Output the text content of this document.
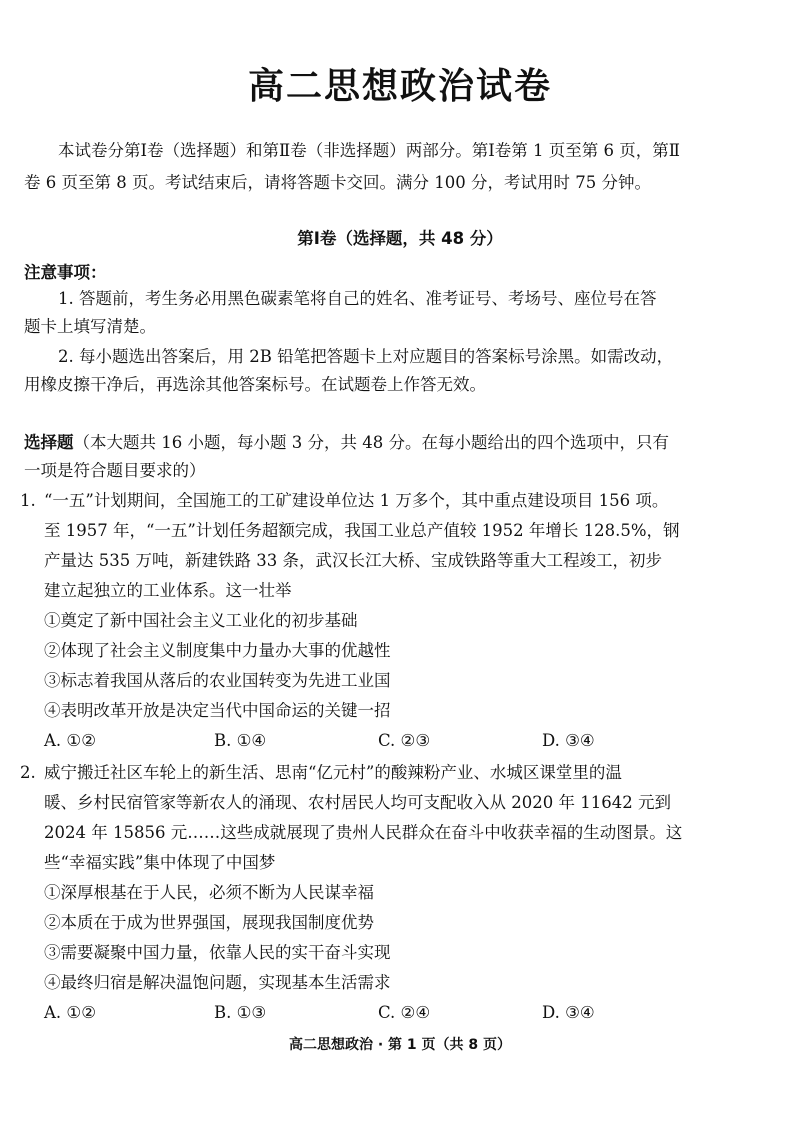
高二思想政治试卷
本试卷分第Ⅰ卷（选择题）和第Ⅱ卷（非选择题）两部分。第Ⅰ卷第 1 页至第 6 页，第Ⅱ
卷 6 页至第 8 页。考试结束后，请将答题卡交回。满分 100 分，考试用时 75 分钟。
第Ⅰ卷（选择题，共 48 分）
注意事项：
1. 答题前，考生务必用黑色碳素笔将自己的姓名、准考证号、考场号、座位号在答
题卡上填写清楚。
2. 每小题选出答案后，用 2B 铅笔把答题卡上对应题目的答案标号涂黑。如需改动，
用橡皮擦干净后，再选涂其他答案标号。在试题卷上作答无效。
选择题（本大题共 16 小题，每小题 3 分，共 48 分。在每小题给出的四个选项中，只有
一项是符合题目要求的）
1. “一五”计划期间，全国施工的工矿建设单位达 1 万多个，其中重点建设项目 156 项。
至 1957 年，“一五”计划任务超额完成，我国工业总产值较 1952 年增长 128.5%，钢
产量达 535 万吨，新建铁路 33 条，武汉长江大桥、宝成铁路等重大工程竣工，初步
建立起独立的工业体系。这一壮举
①奠定了新中国社会主义工业化的初步基础
②体现了社会主义制度集中力量办大事的优越性
③标志着我国从落后的农业国转变为先进工业国
④表明改革开放是决定当代中国命运的关键一招
A. ①②	B. ①④	C. ②③	D. ③④
2. 威宁搬迁社区车轮上的新生活、思南“亿元村”的酸辣粉产业、水城区课堂里的温
暖、乡村民宿管家等新农人的涌现、农村居民人均可支配收入从 2020 年 11642 元到
2024 年 15856 元……这些成就展现了贵州人民群众在奋斗中收获幸福的生动图景。这
些“幸福实践”集中体现了中国梦
①深厚根基在于人民，必须不断为人民谋幸福
②本质在于成为世界强国，展现我国制度优势
③需要凝聚中国力量，依靠人民的实干奋斗实现
④最终归宿是解决温饱问题，实现基本生活需求
A. ①②	B. ①③	C. ②④	D. ③④
高二思想政治 · 第 1 页（共 8 页）
